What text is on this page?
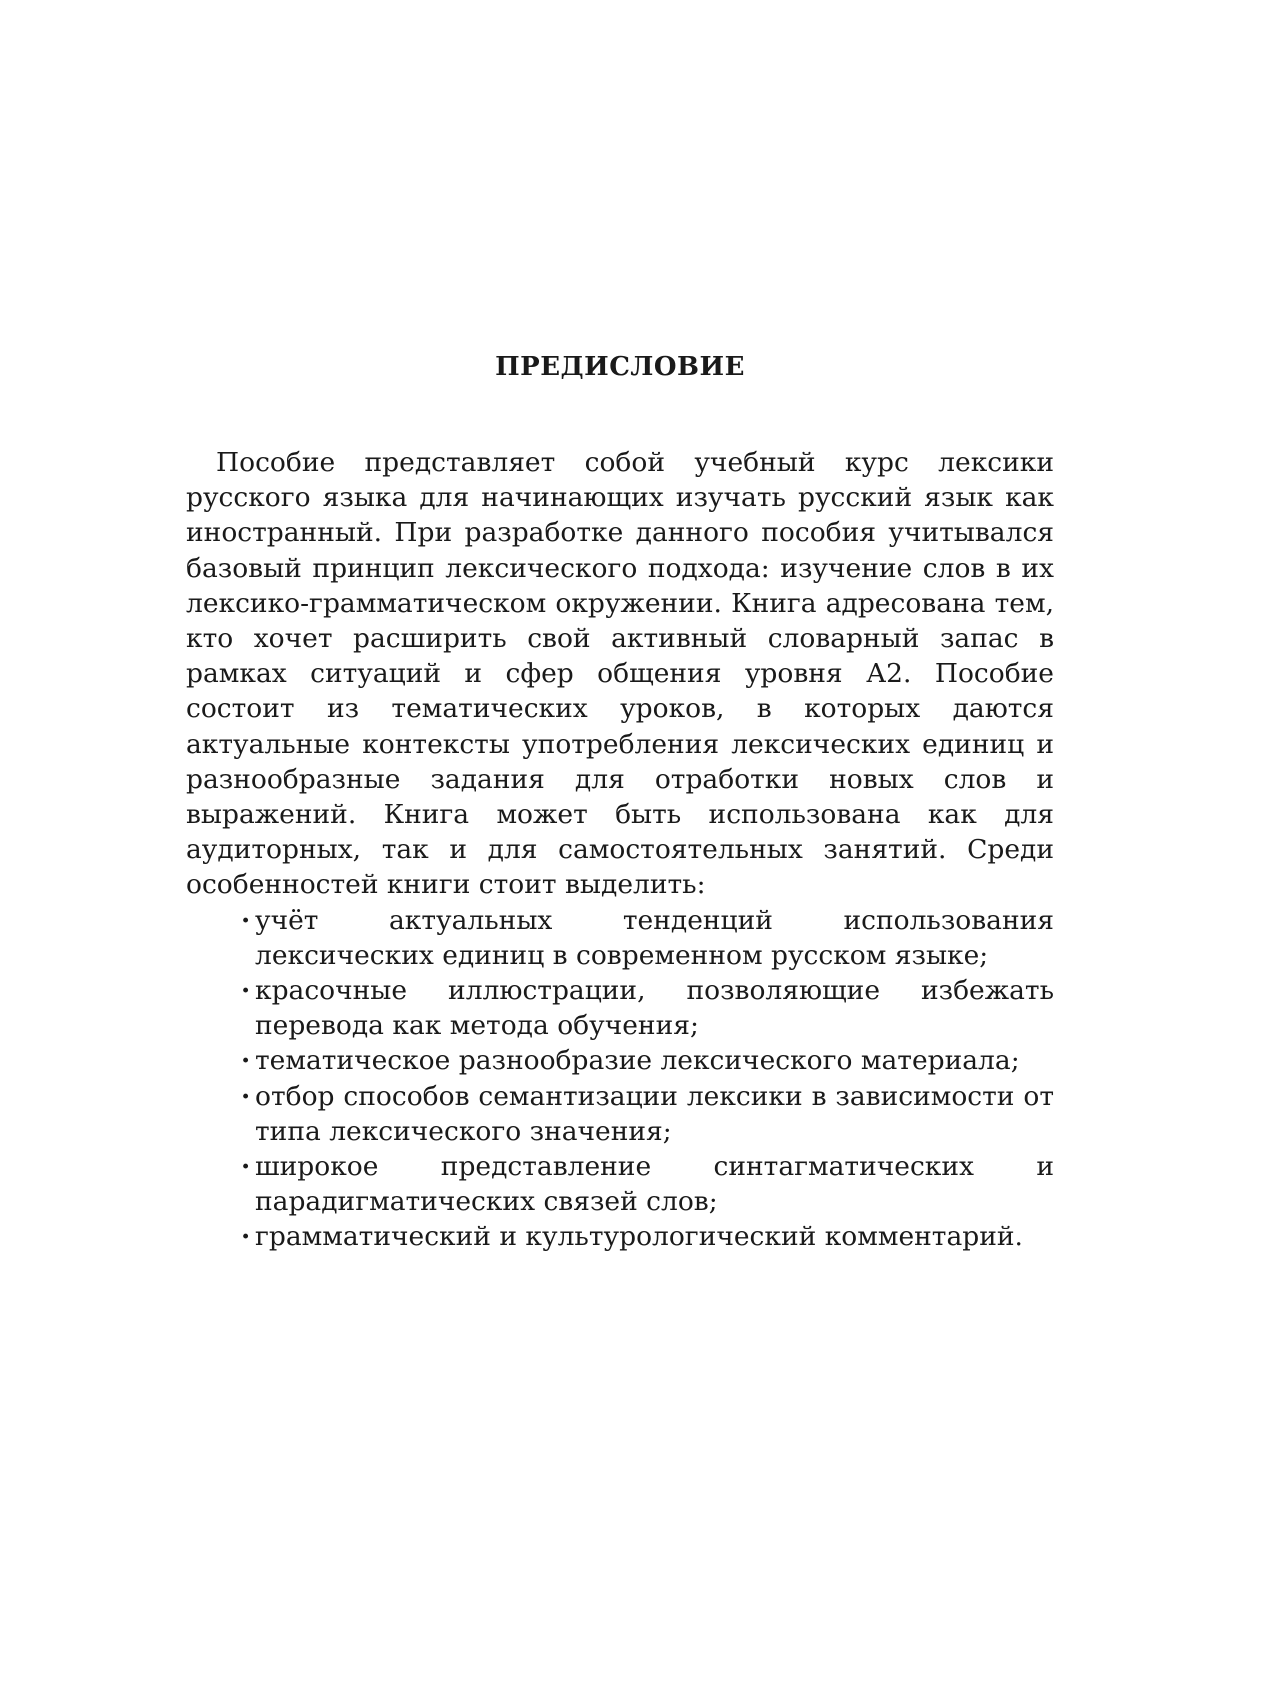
ПРЕДИСЛОВИЕ

Пособие представляет собой учебный курс лексики русского языка для начинающих изучать русский язык как иностранный. При разработке данного пособия учитывался базовый принцип лексического подхода: изучение слов в их лексико-грамматическом окружении. Книга адресована тем, кто хочет расширить свой активный словарный запас в рамках ситуаций и сфер общения уровня А2. Пособие состоит из тематических уроков, в которых даются актуальные контексты употребления лексических единиц и разнообразные задания для отработки новых слов и выражений. Книга может быть использована как для аудиторных, так и для самостоятельных занятий. Среди особенностей книги стоит выделить:

· учёт актуальных тенденций использования лексических единиц в современном русском языке;
· красочные иллюстрации, позволяющие избежать перевода как метода обучения;
· тематическое разнообразие лексического материала;
· отбор способов семантизации лексики в зависимости от типа лексического значения;
· широкое представление синтагматических и парадигматических связей слов;
· грамматический и культурологический комментарий.
